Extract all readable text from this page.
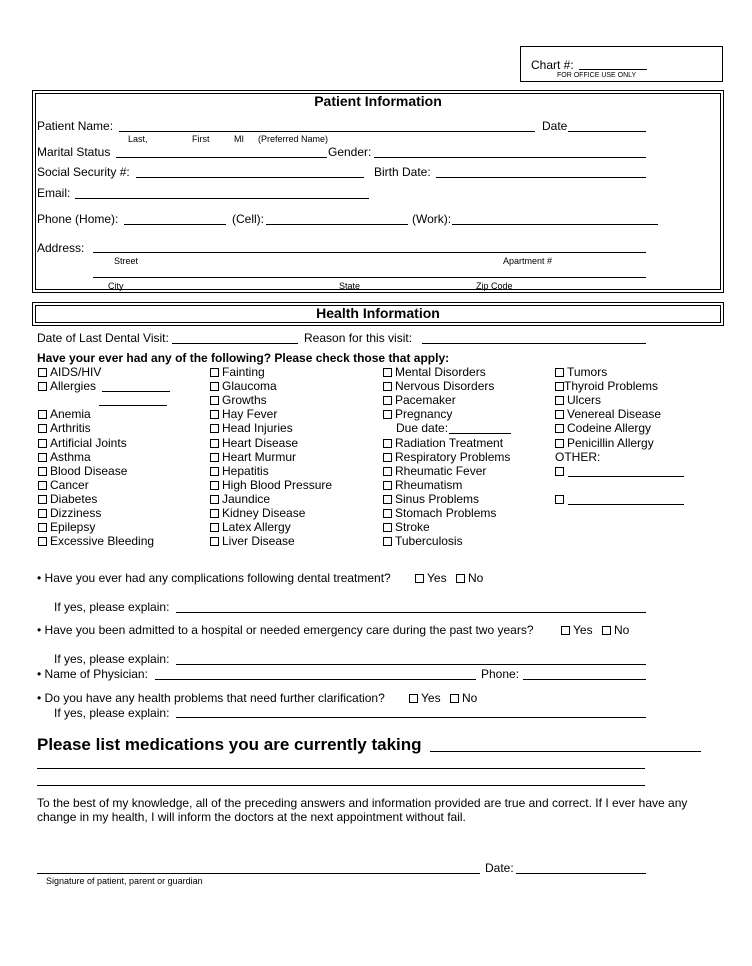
Chart #:
FOR OFFICE USE ONLY
Patient Information
Patient Name:	Date
Last,	First	MI (Preferred Name)
Marital Status	Gender:
Social Security #:	Birth Date:
Email:
Phone (Home):	(Cell):	(Work):
Address:
Street	Apartment #
City	State	Zip Code
Health Information
Date of Last Dental Visit:	Reason for this visit:
Have your ever had any of the following? Please check those that apply:
AIDS/HIV
Allergies
Anemia
Arthritis
Artificial Joints
Asthma
Blood Disease
Cancer
Diabetes
Dizziness
Epilepsy
Excessive Bleeding
Fainting
Glaucoma
Growths
Hay Fever
Head Injuries
Heart Disease
Heart Murmur
Hepatitis
High Blood Pressure
Jaundice
Kidney Disease
Latex Allergy
Liver Disease
Mental Disorders
Nervous Disorders
Pacemaker
Pregnancy
Due date:
Radiation Treatment
Respiratory Problems
Rheumatic Fever
Rheumatism
Sinus Problems
Stomach Problems
Stroke
Tuberculosis
Tumors
Thyroid Problems
Ulcers
Venereal Disease
Codeine Allergy
Penicillin Allergy
OTHER:
• Have you ever had any complications following dental treatment?	Yes	No
If yes, please explain:
• Have you been admitted to a hospital or needed emergency care during the past two years?	Yes	No
If yes, please explain:
• Name of Physician:	Phone:
• Do you have any health problems that need further clarification?	Yes	No
If yes, please explain:
Please list medications you are currently taking
To the best of my knowledge, all of the preceding answers and information provided are true and correct. If I ever have any
change in my health, I will inform the doctors at the next appointment without fail.
Date:
Signature of patient, parent or guardian
